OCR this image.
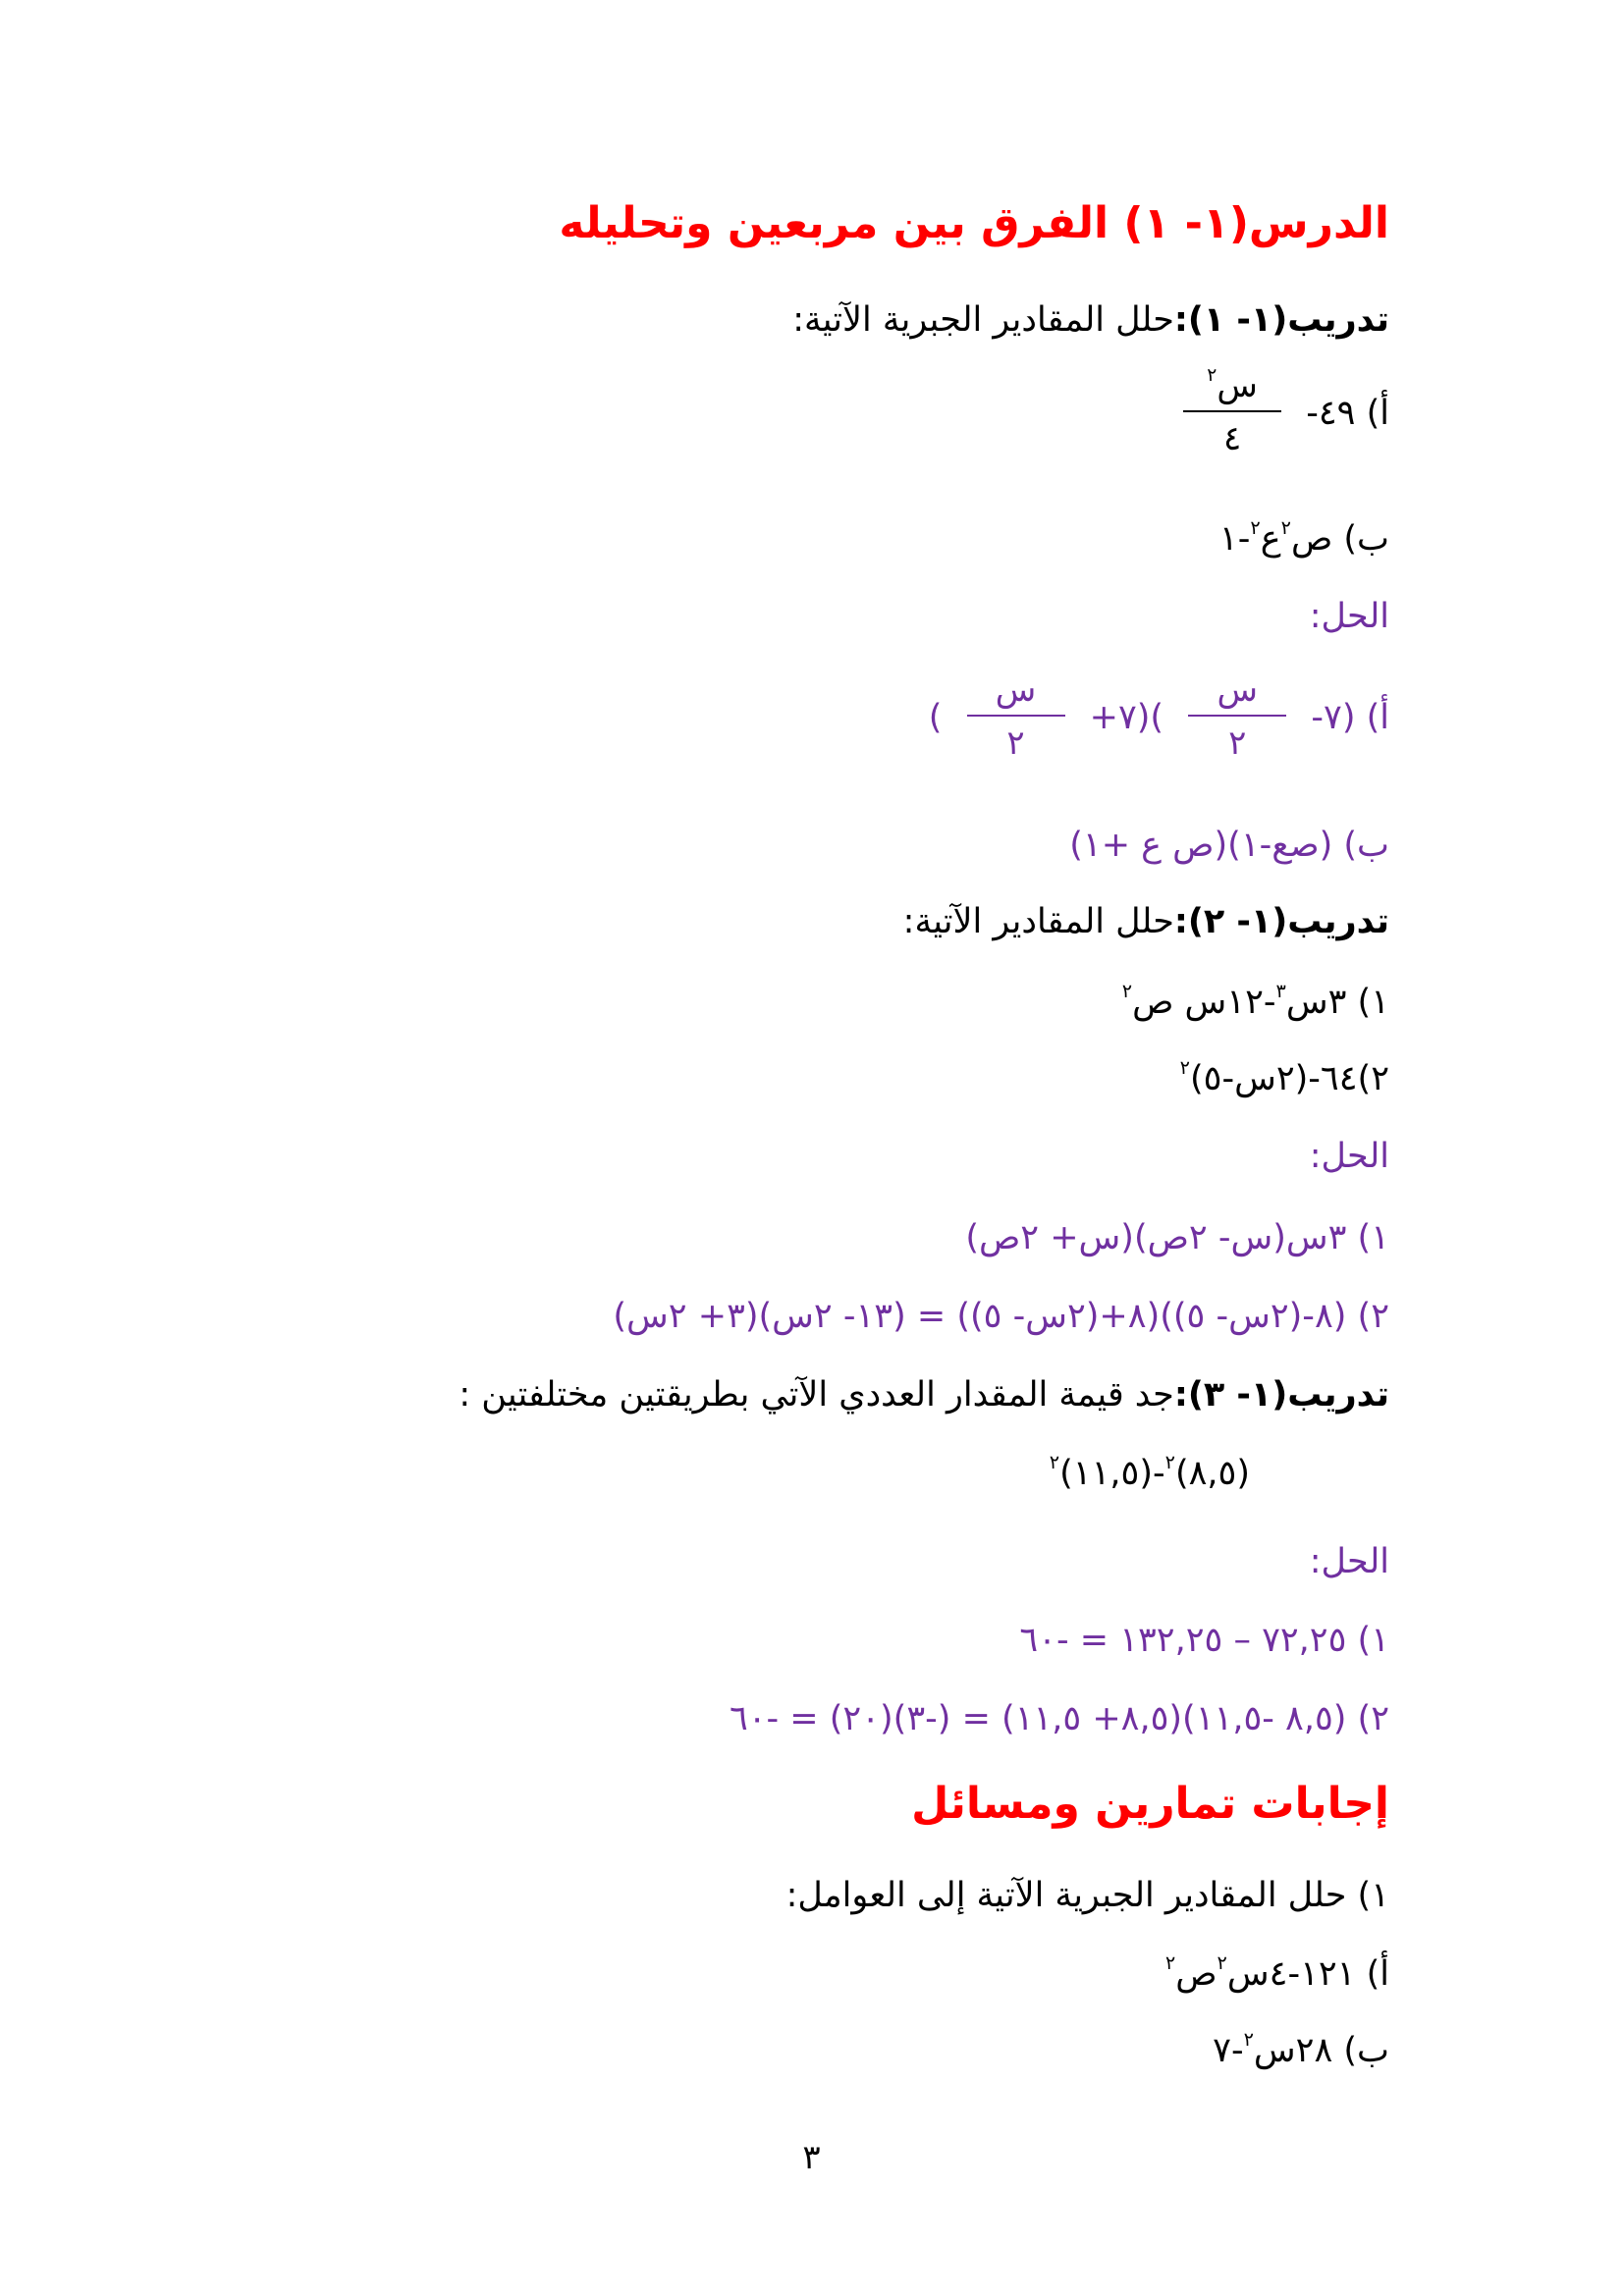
الدرس(١- ١) الفرق بين مربعين وتحليله
تدريب(١- ١):حلل المقادير الجبرية الآتية:
أ) ٤٩-
$\frac{س^٢}{٤}$
ب) ص$^٢$ع$^٢$-١
الحل:
أ) (٧-
$\frac{\text{س}}{٢}$
)(٧+
$\frac{\text{س}}{٢}$
)
ب) (صع-١)(ص ع +١)
تدريب(١- ٢):حلل المقادير الآتية:
١) ٣س$^٣$-١٢س ص$^٢$
٢)٦٤-(٢س-٥)$^٢$
الحل:
١) ٣س(س- ٢ص)(س+ ٢ص)
٢) (٨-(٢س- ٥))(٨+(٢س- ٥)) = (١٣- ٢س)(٣+ ٢س)
تدريب(١- ٣):جد قيمة المقدار العددي الآتي بطريقتين مختلفتين :
(٨,٥)$^٢$-(١١,٥)$^٢$
الحل:
١) ٧٢,٢٥ – ١٣٢,٢٥ = -٦٠
٢) (٨,٥ -١١,٥)(٨,٥+ ١١,٥) = (-٣)(٢٠) = -٦٠
إجابات تمارين ومسائل
١) حلل المقادير الجبرية الآتية إلى العوامل:
أ) ١٢١-٤س$^٢$ص$^٢$
ب) ٢٨س$^٢$-٧
٣
